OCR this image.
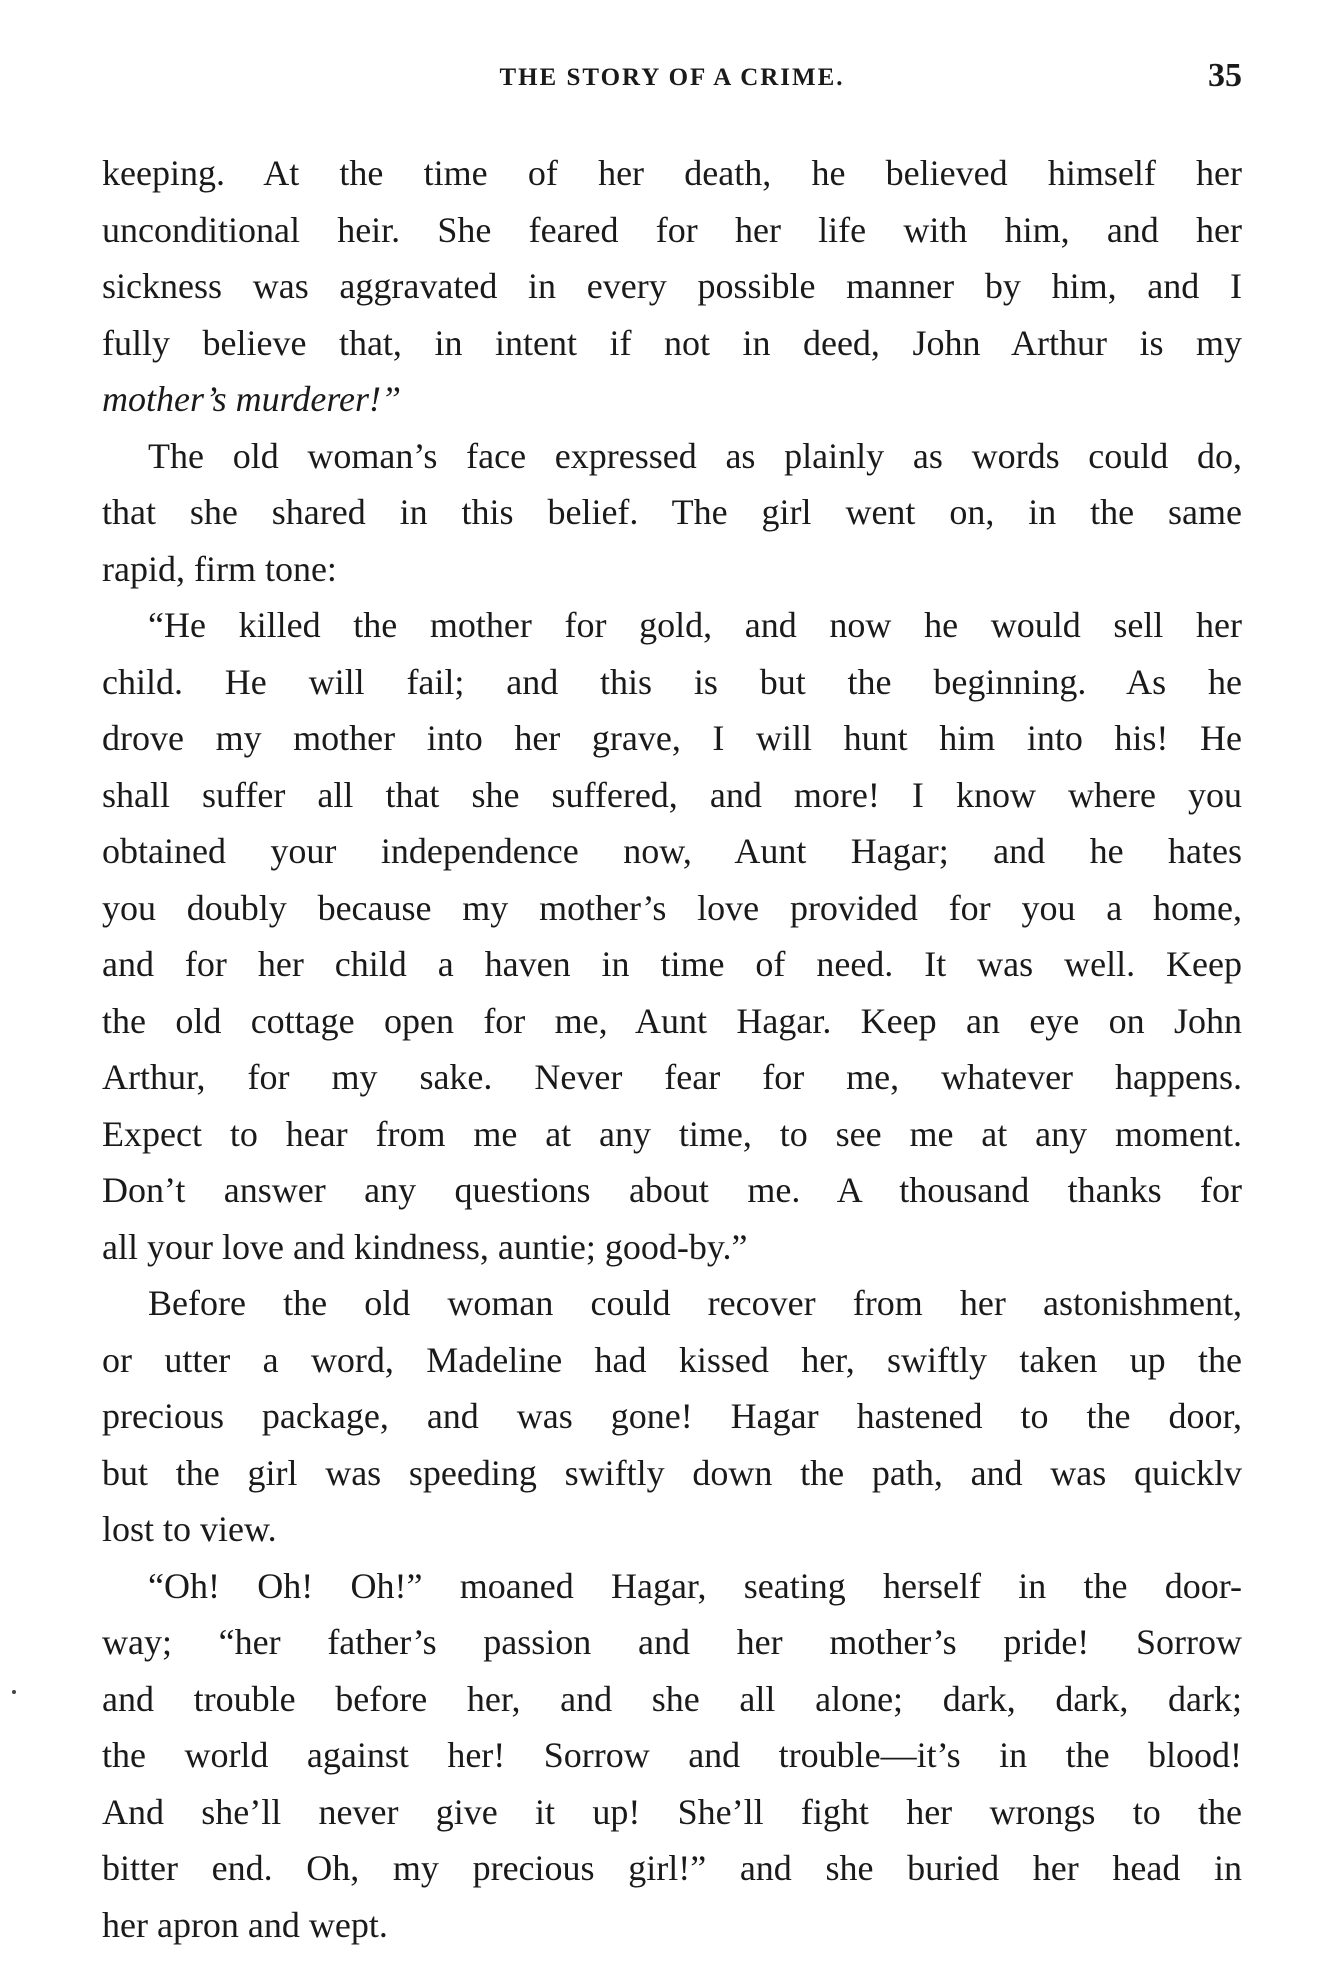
THE STORY OF A CRIME.	35
keeping. At the time of her death, he believed himself her
unconditional heir. She feared for her life with him, and her
sickness was aggravated in every possible manner by him, and I
fully believe that, in intent if not in deed, John Arthur is my
mother’s murderer!”
The old woman’s face expressed as plainly as words could do,
that she shared in this belief. The girl went on, in the same
rapid, firm tone:
“He killed the mother for gold, and now he would sell her
child. He will fail; and this is but the beginning. As he
drove my mother into her grave, I will hunt him into his! He
shall suffer all that she suffered, and more! I know where you
obtained your independence now, Aunt Hagar; and he hates
you doubly because my mother’s love provided for you a home,
and for her child a haven in time of need. It was well. Keep
the old cottage open for me, Aunt Hagar. Keep an eye on John
Arthur, for my sake. Never fear for me, whatever happens.
Expect to hear from me at any time, to see me at any moment.
Don’t answer any questions about me. A thousand thanks for
all your love and kindness, auntie; good-by.”
Before the old woman could recover from her astonishment,
or utter a word, Madeline had kissed her, swiftly taken up the
precious package, and was gone! Hagar hastened to the door,
but the girl was speeding swiftly down the path, and was quicklv
lost to view.
“Oh! Oh! Oh!” moaned Hagar, seating herself in the door-
way; “her father’s passion and her mother’s pride! Sorrow
and trouble before her, and she all alone; dark, dark, dark;
the world against her! Sorrow and trouble—it’s in the blood!
And she’ll never give it up! She’ll fight her wrongs to the
bitter end. Oh, my precious girl!” and she buried her head in
her apron and wept.
